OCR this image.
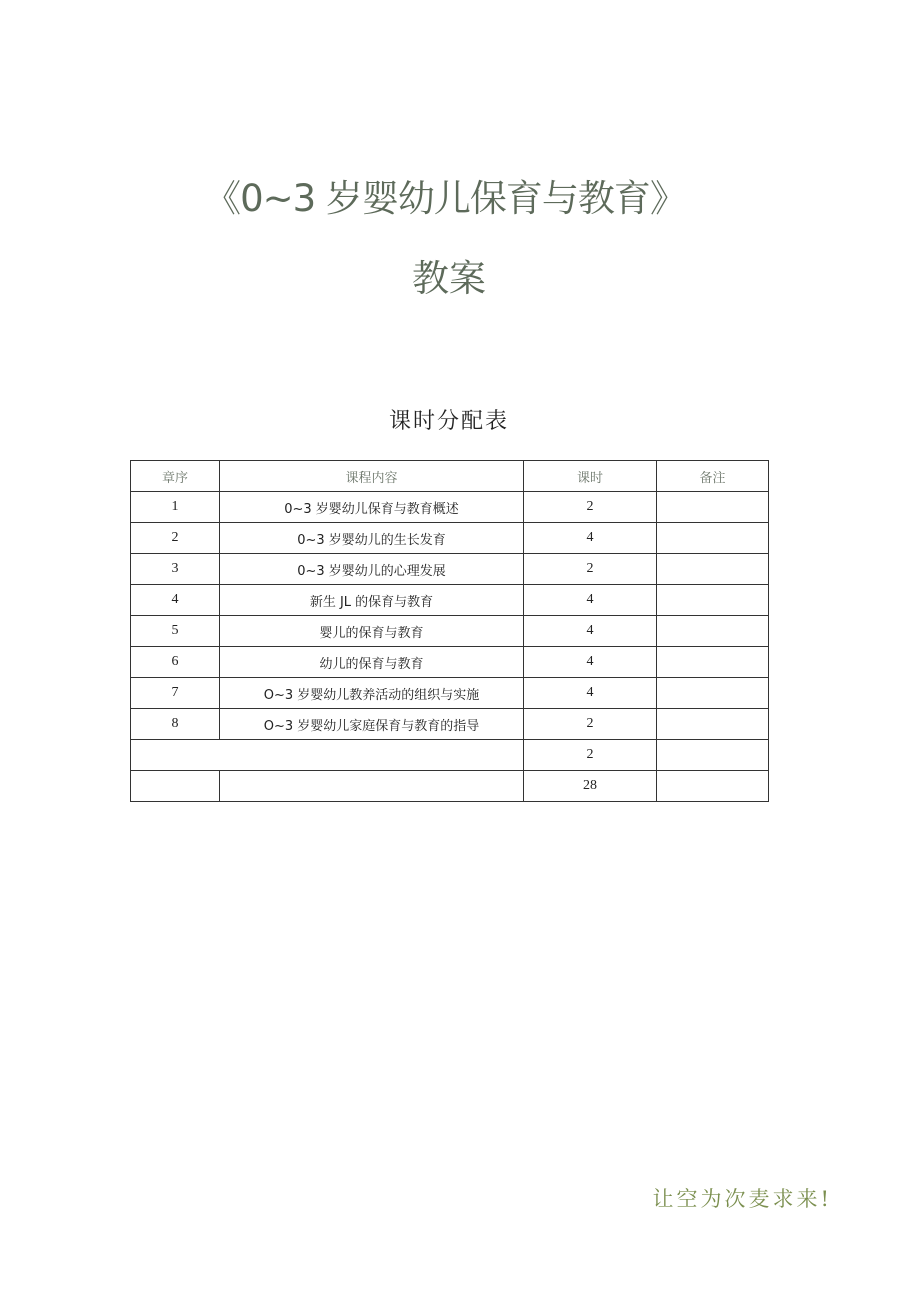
《0~3 岁婴幼儿保育与教育》
教案
课时分配表
章序	课程内容	课时	备注
1	0~3 岁婴幼儿保育与教育概述	2	
2	0~3 岁婴幼儿的生长发育	4	
3	0~3 岁婴幼儿的心理发展	2	
4	新生 JL 的保育与教育	4	
5	婴儿的保育与教育	4	
6	幼儿的保育与教育	4	
7	O~3 岁婴幼儿教养活动的组织与实施	4	
8	O~3 岁婴幼儿家庭保育与教育的指导	2	
		2	
		28	
让空为次麦求来!
